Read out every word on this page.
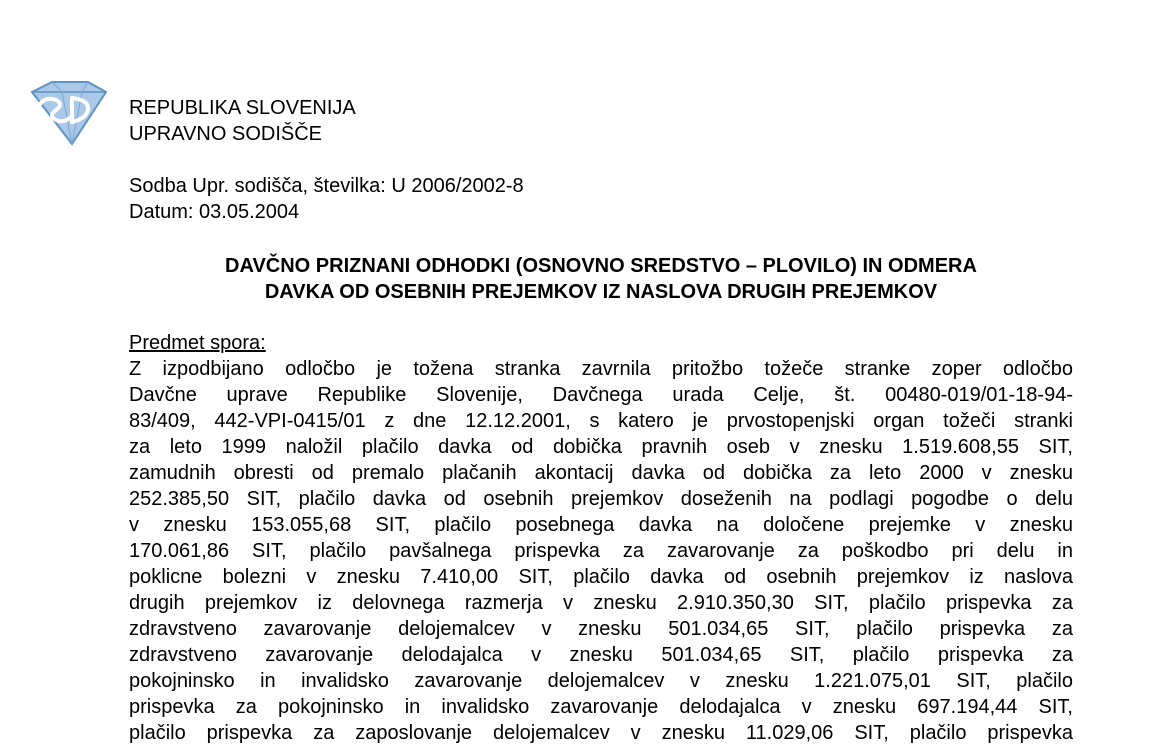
REPUBLIKA SLOVENIJA
UPRAVNO SODIŠČE
Sodba Upr. sodišča, številka: U 2006/2002-8
Datum: 03.05.2004
DAVČNO PRIZNANI ODHODKI (OSNOVNO SREDSTVO – PLOVILO) IN ODMERA
DAVKA OD OSEBNIH PREJEMKOV IZ NASLOVA DRUGIH PREJEMKOV
Predmet spora:
Z izpodbijano odločbo je tožena stranka zavrnila pritožbo tožeče stranke zoper odločbo
Davčne uprave Republike Slovenije, Davčnega urada Celje, št. 00480-019/01-18-94-
83/409, 442-VPI-0415/01 z dne 12.12.2001, s katero je prvostopenjski organ tožeči stranki
za leto 1999 naložil plačilo davka od dobička pravnih oseb v znesku 1.519.608,55 SIT,
zamudnih obresti od premalo plačanih akontacij davka od dobička za leto 2000 v znesku
252.385,50 SIT, plačilo davka od osebnih prejemkov doseženih na podlagi pogodbe o delu
v znesku 153.055,68 SIT, plačilo posebnega davka na določene prejemke v znesku
170.061,86 SIT, plačilo pavšalnega prispevka za zavarovanje za poškodbo pri delu in
poklicne bolezni v znesku 7.410,00 SIT, plačilo davka od osebnih prejemkov iz naslova
drugih prejemkov iz delovnega razmerja v znesku 2.910.350,30 SIT, plačilo prispevka za
zdravstveno zavarovanje delojemalcev v znesku 501.034,65 SIT, plačilo prispevka za
zdravstveno zavarovanje delodajalca v znesku 501.034,65 SIT, plačilo prispevka za
pokojninsko in invalidsko zavarovanje delojemalcev v znesku 1.221.075,01 SIT, plačilo
prispevka za pokojninsko in invalidsko zavarovanje delodajalca v znesku 697.194,44 SIT,
plačilo prispevka za zaposlovanje delojemalcev v znesku 11.029,06 SIT, plačilo prispevka
